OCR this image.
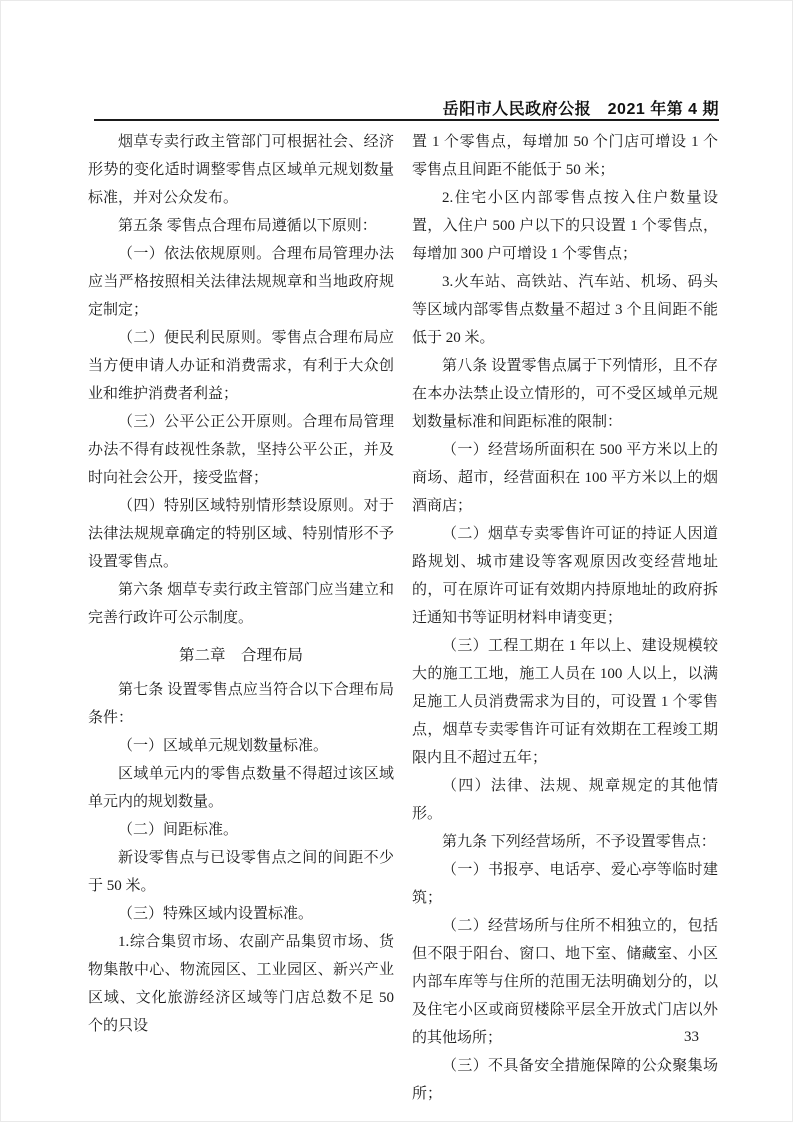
岳阳市人民政府公报　2021 年第 4 期

烟草专卖行政主管部门可根据社会、经济形势的变化适时调整零售点区域单元规划数量标准，并对公众发布。

第五条 零售点合理布局遵循以下原则：

（一）依法依规原则。合理布局管理办法应当严格按照相关法律法规规章和当地政府规定制定；

（二）便民利民原则。零售点合理布局应当方便申请人办证和消费需求，有利于大众创业和维护消费者利益；

（三）公平公正公开原则。合理布局管理办法不得有歧视性条款，坚持公平公正，并及时向社会公开，接受监督；

（四）特别区域特别情形禁设原则。对于法律法规规章确定的特别区域、特别情形不予设置零售点。

第六条 烟草专卖行政主管部门应当建立和完善行政许可公示制度。

第二章　合理布局

第七条 设置零售点应当符合以下合理布局条件：

（一）区域单元规划数量标准。

区域单元内的零售点数量不得超过该区域单元内的规划数量。

（二）间距标准。

新设零售点与已设零售点之间的间距不少于 50 米。

（三）特殊区域内设置标准。

1.综合集贸市场、农副产品集贸市场、货物集散中心、物流园区、工业园区、新兴产业区域、文化旅游经济区域等门店总数不足 50 个的只设

置 1 个零售点，每增加 50 个门店可增设 1 个零售点且间距不能低于 50 米；

2.住宅小区内部零售点按入住户数量设置，入住户 500 户以下的只设置 1 个零售点，每增加 300 户可增设 1 个零售点；

3.火车站、高铁站、汽车站、机场、码头等区域内部零售点数量不超过 3 个且间距不能低于 20 米。

第八条 设置零售点属于下列情形，且不存在本办法禁止设立情形的，可不受区域单元规划数量标准和间距标准的限制：

（一）经营场所面积在 500 平方米以上的商场、超市，经营面积在 100 平方米以上的烟酒商店；

（二）烟草专卖零售许可证的持证人因道路规划、城市建设等客观原因改变经营地址的，可在原许可证有效期内持原地址的政府拆迁通知书等证明材料申请变更；

（三）工程工期在 1 年以上、建设规模较大的施工工地，施工人员在 100 人以上，以满足施工人员消费需求为目的，可设置 1 个零售点，烟草专卖零售许可证有效期在工程竣工期限内且不超过五年；

（四）法律、法规、规章规定的其他情形。

第九条 下列经营场所，不予设置零售点：

（一）书报亭、电话亭、爱心亭等临时建筑；

（二）经营场所与住所不相独立的，包括但不限于阳台、窗口、地下室、储藏室、小区内部车库等与住所的范围无法明确划分的，以及住宅小区或商贸楼除平层全开放式门店以外的其他场所；

（三）不具备安全措施保障的公众聚集场所；

33
